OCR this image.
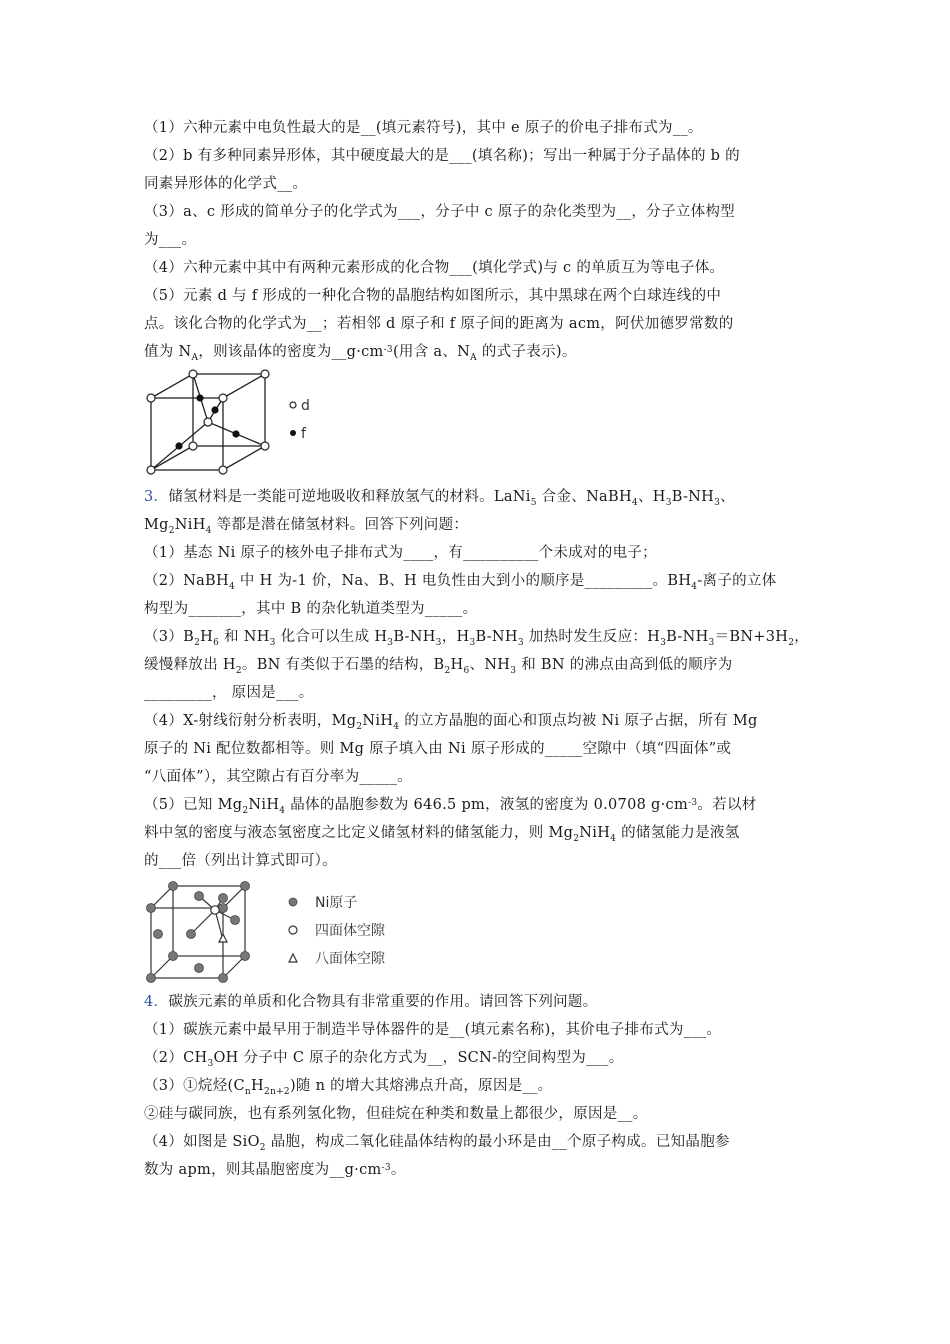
（1）六种元素中电负性最大的是__(填元素符号)，其中 e 原子的价电子排布式为__。
（2）b 有多种同素异形体，其中硬度最大的是___(填名称)；写出一种属于分子晶体的 b 的
同素异形体的化学式__。
（3）a、c 形成的简单分子的化学式为___，分子中 c 原子的杂化类型为__，分子立体构型
为___。
（4）六种元素中其中有两种元素形成的化合物___(填化学式)与 c 的单质互为等电子体。
（5）元素 d 与 f 形成的一种化合物的晶胞结构如图所示，其中黑球在两个白球连线的中
点。该化合物的化学式为__；若相邻 d 原子和 f 原子间的距离为 acm，阿伏加德罗常数的
值为 $N_A$，则该晶体的密度为$\_\_g\cdot cm^{-3}$(用含 a、$N_A$ 的式子表示)。
d
f
3．储氢材料是一类能可逆地吸收和释放氢气的材料。LaNi$_5$ 合金、NaBH$_4$、$H_3B-NH_3$、
$Mg_2NiH_4$ 等都是潜在储氢材料。回答下列问题：
（1）基态 Ni 原子的核外电子排布式为____，有__________个未成对的电子；
（2）NaBH$_4$ 中 H 为-1 价，Na、B、H 电负性由大到小的顺序是_________。$BH_4-$离子的立体
构型为_______，其中 B 的杂化轨道类型为_____。
$(3)B_2H_6$ 和 $NH_3$ 化合可以生成 $H_3B-NH_3$，$H_3B-NH_3$ 加热时发生反应：$H_3B-NH_3=BN+3H_2$，
缓慢释放出 $H_2$。BN 有类似于石墨的结构，$B_2H_6$、$NH_3$ 和 BN 的沸点由高到低的顺序为
_________， 原因是___。
（4）X-射线衍射分析表明，$Mg_2NiH_4$ 的立方晶胞的面心和顶点均被 Ni 原子占据，所有 Mg
原子的 Ni 配位数都相等。则 Mg 原子填入由 Ni 原子形成的_____空隙中（填“四面体”或
“八面体”），其空隙占有百分率为_____。
（5）已知 $Mg_2NiH_4$ 晶体的晶胞参数为 646.5 pm，液氢的密度为 0.0708 $g\cdot cm^{-3}$。若以材
料中氢的密度与液态氢密度之比定义储氢材料的储氢能力，则 $Mg_2NiH_4$ 的储氢能力是液氢
的___倍（列出计算式即可）。
Ni原子
四面体空隙
八面体空隙
4．碳族元素的单质和化合物具有非常重要的作用。请回答下列问题。
（1）碳族元素中最早用于制造半导体器件的是__(填元素名称)，其价电子排布式为___。
$(2)CH_3OH$ 分子中 C 原子的杂化方式为__，SCN-的空间构型为___。
（3）①烷烃$(C_nH_{2n+2})$随 n 的增大其熔沸点升高，原因是__。
②硅与碳同族，也有系列氢化物，但硅烷在种类和数量上都很少，原因是__。
（4）如图是 SiO$_2$ 晶胞，构成二氧化硅晶体结构的最小环是由__个原子构成。已知晶胞参
数为 apm，则其晶胞密度为$\_\_g\cdot cm^{-3}$。
